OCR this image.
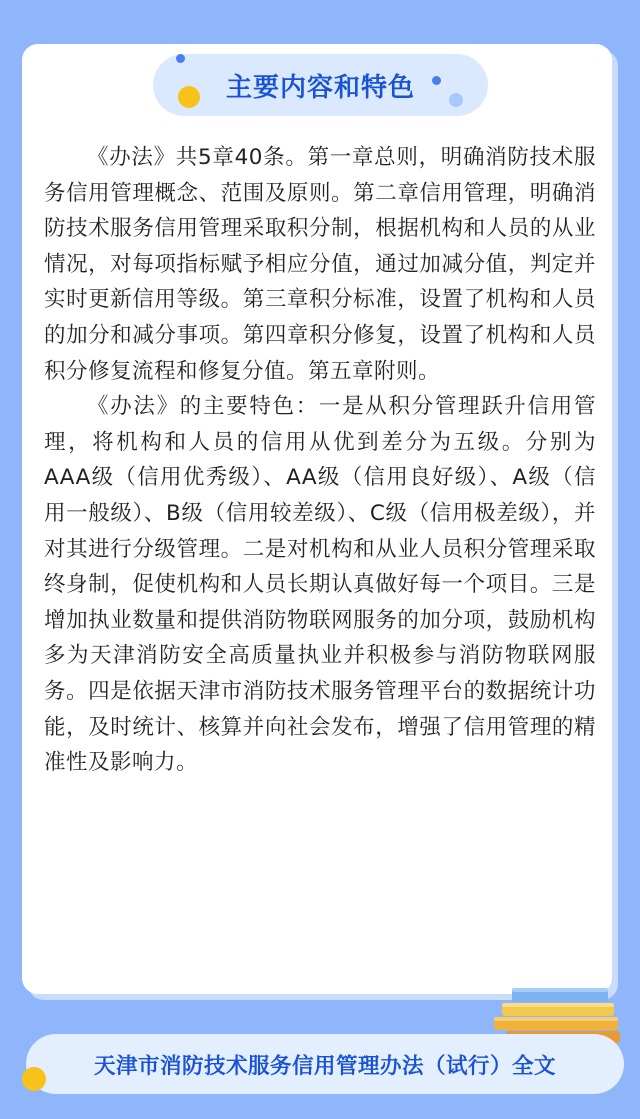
主要内容和特色

《办法》共5章40条。第一章总则，明确消防技术服务信用管理概念、范围及原则。第二章信用管理，明确消防技术服务信用管理采取积分制，根据机构和人员的从业情况，对每项指标赋予相应分值，通过加减分值，判定并实时更新信用等级。第三章积分标准，设置了机构和人员的加分和减分事项。第四章积分修复，设置了机构和人员积分修复流程和修复分值。第五章附则。

《办法》的主要特色：一是从积分管理跃升信用管理，将机构和人员的信用从优到差分为五级。分别为AAA级（信用优秀级）、AA级（信用良好级）、A级（信用一般级）、B级（信用较差级）、C级（信用极差级），并对其进行分级管理。二是对机构和从业人员积分管理采取终身制，促使机构和人员长期认真做好每一个项目。三是增加执业数量和提供消防物联网服务的加分项，鼓励机构多为天津消防安全高质量执业并积极参与消防物联网服务。四是依据天津市消防技术服务管理平台的数据统计功能，及时统计、核算并向社会发布，增强了信用管理的精准性及影响力。

天津市消防技术服务信用管理办法（试行）全文
